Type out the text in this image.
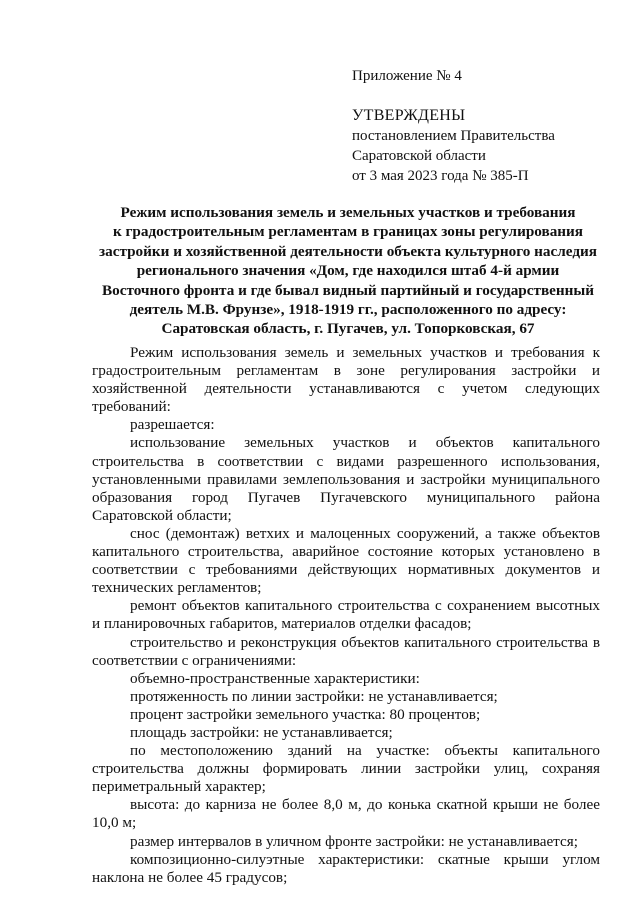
Приложение № 4
УТВЕРЖДЕНЫ
постановлением Правительства
Саратовской области
от 3 мая 2023 года № 385-П
Режим использования земель и земельных участков и требования
к градостроительным регламентам в границах зоны регулирования
застройки и хозяйственной деятельности объекта культурного наследия
регионального значения «Дом, где находился штаб 4-й армии
Восточного фронта и где бывал видный партийный и государственный
деятель М.В. Фрунзе», 1918-1919 гг., расположенного по адресу:
Саратовская область, г. Пугачев, ул. Топорковская, 67

Режим использования земель и земельных участков и требования к градостроительным регламентам в зоне регулирования застройки и хозяйственной деятельности устанавливаются с учетом следующих требований:

разрешается:

использование земельных участков и объектов капитального строительства в соответствии с видами разрешенного использования, установленными правилами землепользования и застройки муниципального образования город Пугачев Пугачевского муниципального района Саратовской области;

снос (демонтаж) ветхих и малоценных сооружений, а также объектов капитального строительства, аварийное состояние которых установлено в соответствии с требованиями действующих нормативных документов и технических регламентов;

ремонт объектов капитального строительства с сохранением высотных и планировочных габаритов, материалов отделки фасадов;

строительство и реконструкция объектов капитального строительства в соответствии с ограничениями:

объемно-пространственные характеристики:

протяженность по линии застройки: не устанавливается;

процент застройки земельного участка: 80 процентов;

площадь застройки: не устанавливается;

по местоположению зданий на участке: объекты капитального строительства должны формировать линии застройки улиц, сохраняя периметральный характер;

высота: до карниза не более 8,0 м, до конька скатной крыши не более 10,0 м;

размер интервалов в уличном фронте застройки: не устанавливается;

композиционно-силуэтные характеристики: скатные крыши углом наклона не более 45 градусов;
